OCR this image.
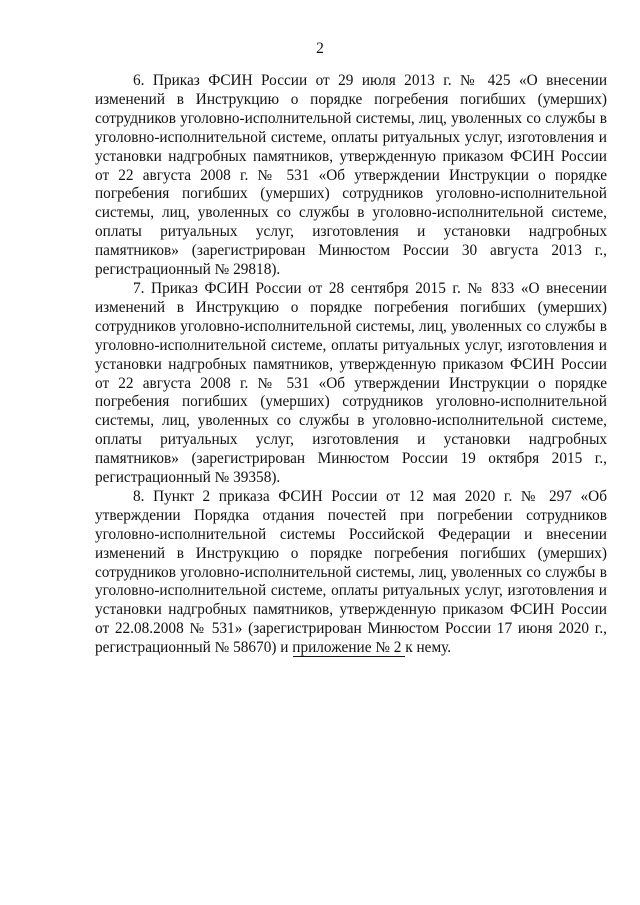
2

6. Приказ ФСИН России от 29 июля 2013 г. № 425 «О внесении изменений в Инструкцию о порядке погребения погибших (умерших) сотрудников уголовно-исполнительной системы, лиц, уволенных со службы в уголовно-исполнительной системе, оплаты ритуальных услуг, изготовления и установки надгробных памятников, утвержденную приказом ФСИН России от 22 августа 2008 г. № 531 «Об утверждении Инструкции о порядке погребения погибших (умерших) сотрудников уголовно-исполнительной системы, лиц, уволенных со службы в уголовно-исполнительной системе, оплаты ритуальных услуг, изготовления и установки надгробных памятников» (зарегистрирован Минюстом России 30 августа 2013 г., регистрационный № 29818).

7. Приказ ФСИН России от 28 сентября 2015 г. № 833 «О внесении изменений в Инструкцию о порядке погребения погибших (умерших) сотрудников уголовно-исполнительной системы, лиц, уволенных со службы в уголовно-исполнительной системе, оплаты ритуальных услуг, изготовления и установки надгробных памятников, утвержденную приказом ФСИН России от 22 августа 2008 г. № 531 «Об утверждении Инструкции о порядке погребения погибших (умерших) сотрудников уголовно-исполнительной системы, лиц, уволенных со службы в уголовно-исполнительной системе, оплаты ритуальных услуг, изготовления и установки надгробных памятников» (зарегистрирован Минюстом России 19 октября 2015 г., регистрационный № 39358).

8. Пункт 2 приказа ФСИН России от 12 мая 2020 г. № 297 «Об утверждении Порядка отдания почестей при погребении сотрудников уголовно-исполнительной системы Российской Федерации и внесении изменений в Инструкцию о порядке погребения погибших (умерших) сотрудников уголовно-исполнительной системы, лиц, уволенных со службы в уголовно-исполнительной системе, оплаты ритуальных услуг, изготовления и установки надгробных памятников, утвержденную приказом ФСИН России от 22.08.2008 № 531» (зарегистрирован Минюстом России 17 июня 2020 г., регистрационный № 58670) и приложение № 2 к нему.
